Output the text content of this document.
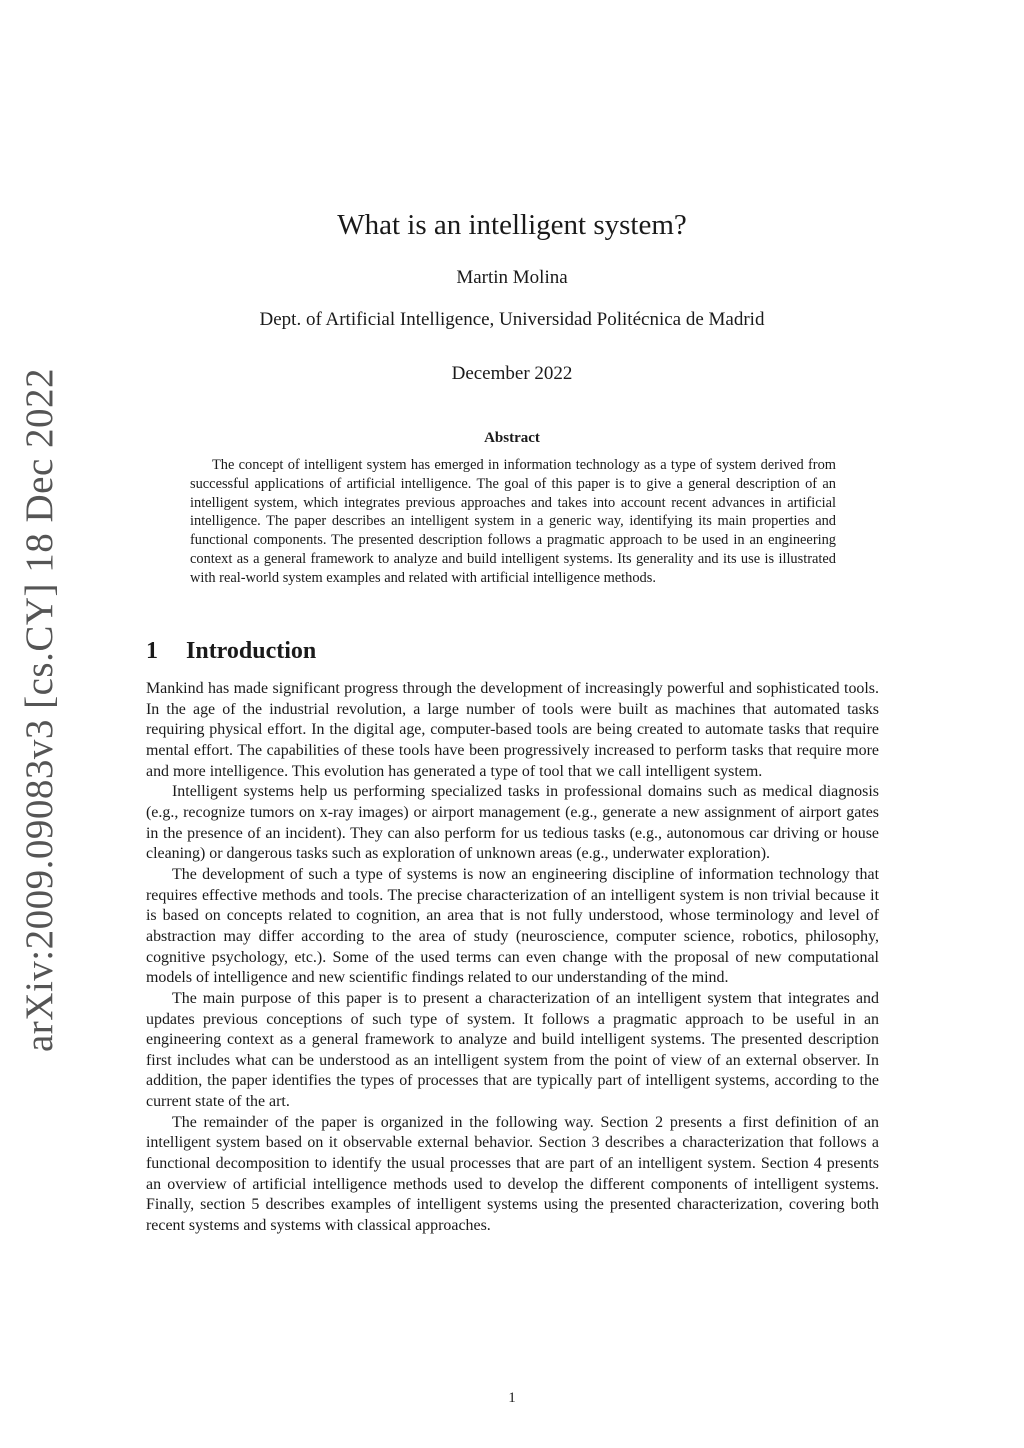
arXiv:2009.09083v3 [cs.CY] 18 Dec 2022
What is an intelligent system?
Martin Molina
Dept. of Artificial Intelligence, Universidad Politécnica de Madrid
December 2022
Abstract

The concept of intelligent system has emerged in information technology as a type of system derived from successful applications of artificial intelligence. The goal of this paper is to give a general description of an intelligent system, which integrates previous approaches and takes into account recent advances in artificial intelligence. The paper describes an intelligent system in a generic way, identifying its main properties and functional components. The presented description follows a pragmatic approach to be used in an engineering context as a general framework to analyze and build intelligent systems. Its generality and its use is illustrated with real-world system examples and related with artificial intelligence methods.

1 Introduction

Mankind has made significant progress through the development of increasingly powerful and sophisticated tools. In the age of the industrial revolution, a large number of tools were built as machines that automated tasks requiring physical effort. In the digital age, computer-based tools are being created to automate tasks that require mental effort. The capabilities of these tools have been progressively increased to perform tasks that require more and more intelligence. This evolution has generated a type of tool that we call intelligent system.

Intelligent systems help us performing specialized tasks in professional domains such as medical diagnosis (e.g., recognize tumors on x-ray images) or airport management (e.g., generate a new assignment of airport gates in the presence of an incident). They can also perform for us tedious tasks (e.g., autonomous car driving or house cleaning) or dangerous tasks such as exploration of unknown areas (e.g., underwater exploration).

The development of such a type of systems is now an engineering discipline of information technology that requires effective methods and tools. The precise characterization of an intelligent system is non trivial because it is based on concepts related to cognition, an area that is not fully understood, whose terminology and level of abstraction may differ according to the area of study (neuroscience, computer science, robotics, philosophy, cognitive psychology, etc.). Some of the used terms can even change with the proposal of new computational models of intelligence and new scientific findings related to our understanding of the mind.

The main purpose of this paper is to present a characterization of an intelligent system that integrates and updates previous conceptions of such type of system. It follows a pragmatic approach to be useful in an engineering context as a general framework to analyze and build intelligent systems. The presented description first includes what can be understood as an intelligent system from the point of view of an external observer. In addition, the paper identifies the types of processes that are typically part of intelligent systems, according to the current state of the art.

The remainder of the paper is organized in the following way. Section 2 presents a first definition of an intelligent system based on it observable external behavior. Section 3 describes a characterization that follows a functional decomposition to identify the usual processes that are part of an intelligent system. Section 4 presents an overview of artificial intelligence methods used to develop the different components of intelligent systems. Finally, section 5 describes examples of intelligent systems using the presented characterization, covering both recent systems and systems with classical approaches.

1
